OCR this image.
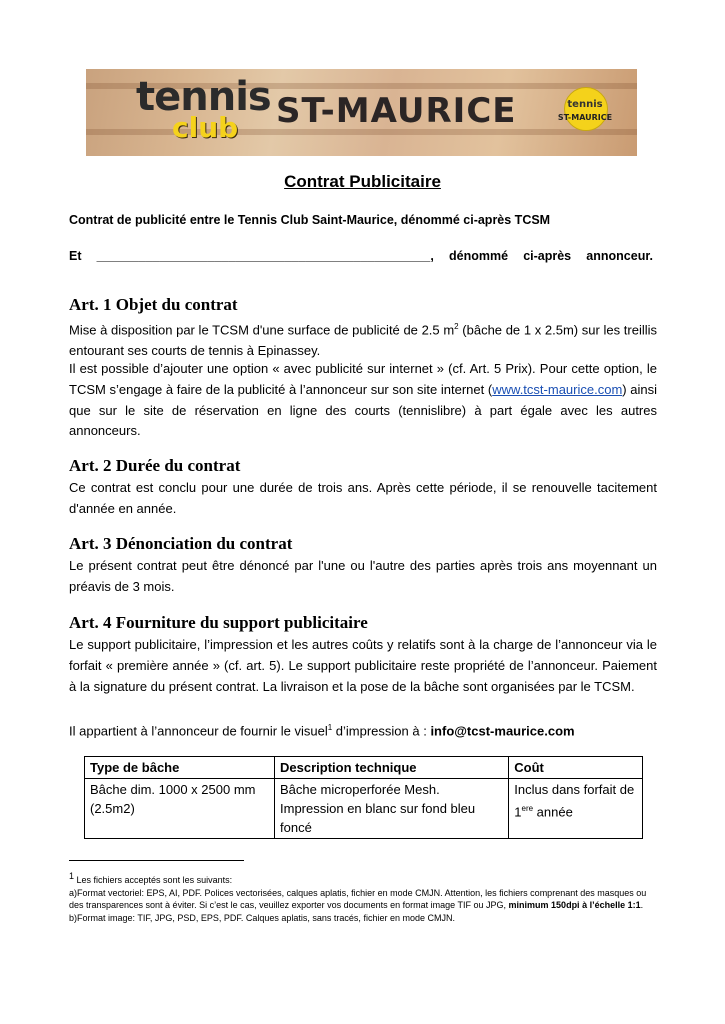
tennis
club ST-MAURICE	tennis
ST-MAURICE
Contrat Publicitaire
Contrat de publicité entre le Tennis Club Saint-Maurice, dénommé ci-après TCSM
Et ________________________________________________, dénommé ci-après annonceur.
Art. 1 Objet du contrat

Mise à disposition par le TCSM d'une surface de publicité de 2.5 $m^2$ (bâche de 1 x 2.5m) sur les treillis entourant ses courts de tennis à Epinassey.

Il est possible d’ajouter une option « avec publicité sur internet » (cf. Art. 5 Prix). Pour cette option, le TCSM s’engage à faire de la publicité à l’annonceur sur son site internet (www.tcst-maurice.com) ainsi que sur le site de réservation en ligne des courts (tennislibre) à part égale avec les autres annonceurs.

Art. 2 Durée du contrat

Ce contrat est conclu pour une durée de trois ans. Après cette période, il se renouvelle tacitement d'année en année.

Art. 3 Dénonciation du contrat

Le présent contrat peut être dénoncé par l'une ou l'autre des parties après trois ans moyennant un préavis de 3 mois.

Art. 4 Fourniture du support publicitaire

Le support publicitaire, l’impression et les autres coûts y relatifs sont à la charge de l’annonceur via le forfait « première année » (cf. art. 5). Le support publicitaire reste propriété de l’annonceur. Paiement à la signature du présent contrat. La livraison et la pose de la bâche sont organisées par le TCSM.

Il appartient à l’annonceur de fournir le visuel$^1$ d’impression à : info@tcst-maurice.com

Type de bâche	Description technique	Coût
Bâche dim. 1000 x 2500 mm (2.5m2)	Bâche microperforée Mesh. Impression en blanc sur fond bleu foncé	Inclus dans forfait de 1ere année

1 Les fichiers acceptés sont les suivants:

a)Format vectoriel: EPS, AI, PDF. Polices vectorisées, calques aplatis, fichier en mode CMJN. Attention, les fichiers comprenant des masques ou des transparences sont à éviter. Si c’est le cas, veuillez exporter vos documents en format image TIF ou JPG, minimum 150dpi à l’échelle 1:1.

b)Format image: TIF, JPG, PSD, EPS, PDF. Calques aplatis, sans tracés, fichier en mode CMJN.
